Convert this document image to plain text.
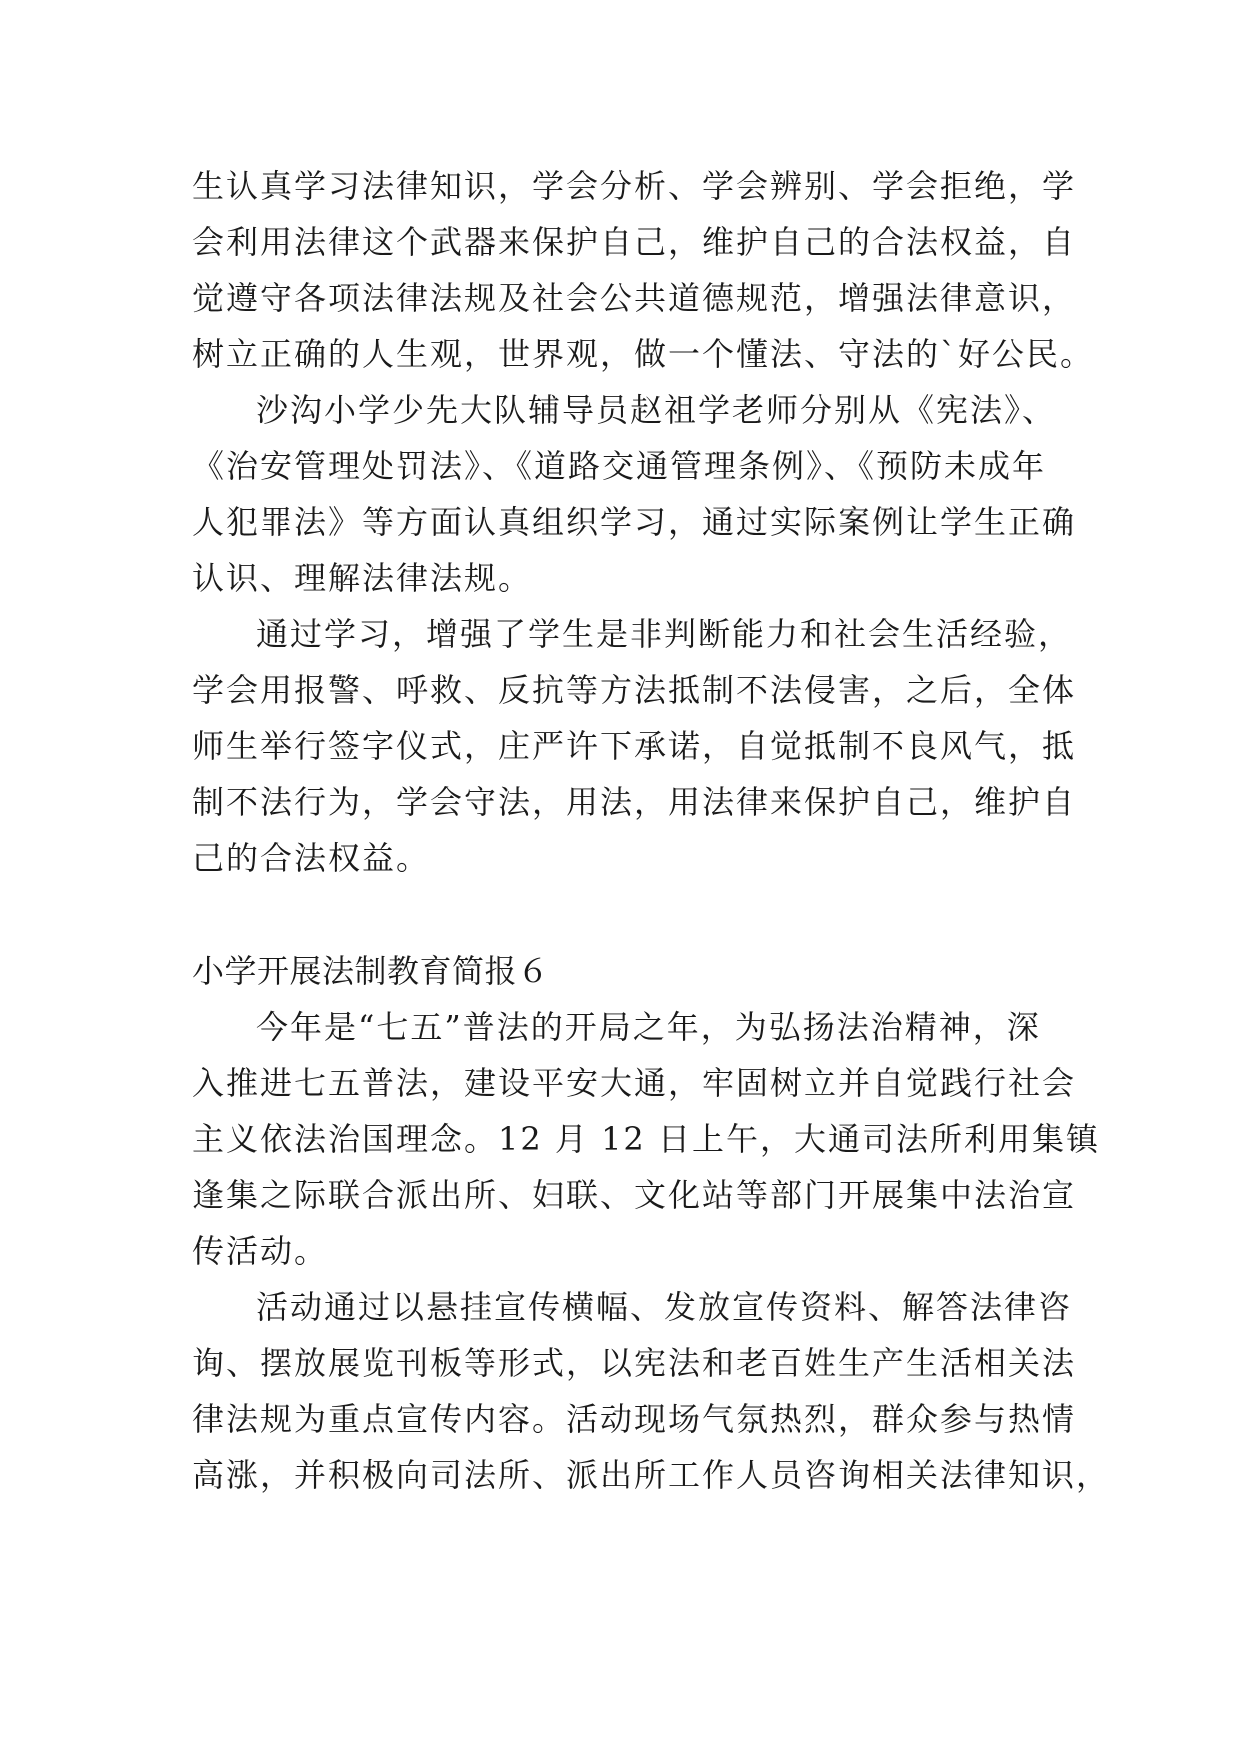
生认真学习法律知识，学会分析、学会辨别、学会拒绝，学
会利用法律这个武器来保护自己，维护自己的合法权益，自
觉遵守各项法律法规及社会公共道德规范，增强法律意识，
树立正确的人生观，世界观，做一个懂法、守法的`好公民。
沙沟小学少先大队辅导员赵祖学老师分别从《宪法》、
《治安管理处罚法》、《道路交通管理条例》、《预防未成年
人犯罪法》等方面认真组织学习，通过实际案例让学生正确
认识、理解法律法规。
通过学习，增强了学生是非判断能力和社会生活经验，
学会用报警、呼救、反抗等方法抵制不法侵害，之后，全体
师生举行签字仪式，庄严许下承诺，自觉抵制不良风气，抵
制不法行为，学会守法，用法，用法律来保护自己，维护自
己的合法权益。
小学开展法制教育简报６
今年是“七五”普法的开局之年，为弘扬法治精神，深
入推进七五普法，建设平安大通，牢固树立并自觉践行社会
主义依法治国理念。12 月 12 日上午，大通司法所利用集镇
逢集之际联合派出所、妇联、文化站等部门开展集中法治宣
传活动。
活动通过以悬挂宣传横幅、发放宣传资料、解答法律咨
询、摆放展览刊板等形式，以宪法和老百姓生产生活相关法
律法规为重点宣传内容。活动现场气氛热烈，群众参与热情
高涨，并积极向司法所、派出所工作人员咨询相关法律知识，
